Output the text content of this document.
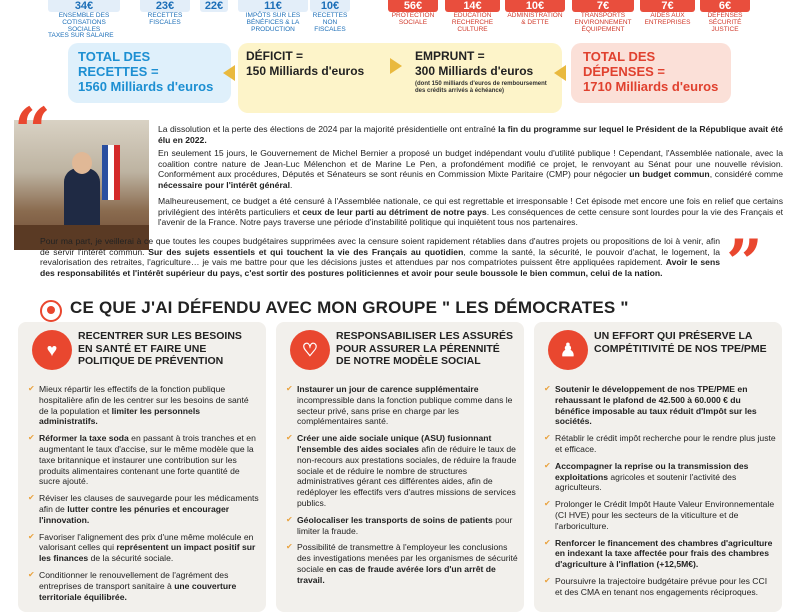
34€
ENSEMBLE DES COTISATIONS SOCIALES
23€
RECETTES FISCALES
22€	11€
IMPÔTS SUR LES BÉNÉFICES & LA PRODUCTION
10€
RECETTES NON FISCALES
TAXES SUR SALAIRE
56€
PROTECTION SOCIALE
14€
EDUCATION RECHERCHE CULTURE
10€
ADMINISTRATION & DETTE
7€
TRANSPORTS ENVIRONNEMENT ÉQUIPEMENT
7€
AIDES AUX ENTREPRISES
6€
DÉFENSES SÉCURITÉ JUSTICE
TOTAL DES
RECETTES =
1560 Milliards d'euros
DÉFICIT =
150 Milliards d'euros
EMPRUNT =
300 Milliards d'euros
(dont 150 milliards d'euros de remboursement des crédits arrivés à échéance)
TOTAL DES
DÉPENSES =
1710 Milliards d'euros
“
”

La dissolution et la perte des élections de 2024 par la majorité présidentielle ont entraîné la fin du programme sur lequel le Président de la République avait été élu en 2022.

En seulement 15 jours, le Gouvernement de Michel Bernier a proposé un budget indépendant voulu d'utilité publique ! Cependant, l'Assemblée nationale, avec la coalition contre nature de Jean-Luc Mélenchon et de Marine Le Pen, a profondément modifié ce projet, le renvoyant au Sénat pour une nouvelle révision. Conformément aux procédures, Députés et Sénateurs se sont réunis en Commission Mixte Paritaire (CMP) pour négocier un budget commun, considéré comme nécessaire pour l'intérêt général.

Malheureusement, ce budget a été censuré à l'Assemblée nationale, ce qui est regrettable et irresponsable ! Cet épisode met encore une fois en relief que certains privilégient des intérêts particuliers et ceux de leur parti au détriment de notre pays. Les conséquences de cette censure sont lourdes pour la vie des Français et l'avenir de la France. Notre pays traverse une période d'instabilité politique qui inquiètent tous nos partenaires.

Pour ma part, je veillerai à ce que toutes les coupes budgétaires supprimées avec la censure soient rapidement rétablies dans d'autres projets ou propositions de loi à venir, afin de servir l'intérêt commun. Sur des sujets essentiels et qui touchent la vie des Français au quotidien, comme la santé, la sécurité, le pouvoir d'achat, le logement, la revalorisation des retraites, l'agriculture… je vais me battre pour que les décisions justes et attendues par nos compatriotes puissent être appliquées rapidement. Avoir le sens des responsabilités et l'intérêt supérieur du pays, c'est sortir des postures politiciennes et avoir pour seule boussole le bien commun, celui de la nation.

CE QUE J'AI DÉFENDU AVEC MON GROUPE " LES DÉMOCRATES "
♥
RECENTRER SUR LES BESOINS EN SANTÉ ET FAIRE UNE POLITIQUE DE PRÉVENTION
✔ Mieux répartir les effectifs de la fonction publique hospitalière afin de les centrer sur les besoins de santé de la population et limiter les personnels administratifs.
✔ Réformer la taxe soda en passant à trois tranches et en augmentant le taux d'accise, sur le même modèle que la taxe britannique et instaurer une contribution sur les produits alimentaires contenant une forte quantité de sucre ajouté.
✔ Réviser les clauses de sauvegarde pour les médicaments afin de lutter contre les pénuries et encourager l'innovation.
✔ Favoriser l'alignement des prix d'une même molécule en valorisant celles qui représentent un impact positif sur les finances de la sécurité sociale.
✔ Conditionner le renouvellement de l'agrément des entreprises de transport sanitaire à une couverture territoriale équilibrée.
♡
RESPONSABILISER LES ASSURÉS POUR ASSURER LA PÉRENNITÉ DE NOTRE MODÈLE SOCIAL
✔ Instaurer un jour de carence supplémentaire incompressible dans la fonction publique comme dans le secteur privé, sans prise en charge par les complémentaires santé.
✔ Créer une aide sociale unique (ASU) fusionnant l'ensemble des aides sociales afin de réduire le taux de non-recours aux prestations sociales, de réduire la fraude sociale et de réduire le nombre de structures administratives gérant ces différentes aides, afin de redéployer les effectifs vers d'autres missions de services publics.
✔ Géolocaliser les transports de soins de patients pour limiter la fraude.
✔ Possibilité de transmettre à l'employeur les conclusions des investigations menées par les organismes de sécurité sociale en cas de fraude avérée lors d'un arrêt de travail.
♟
UN EFFORT QUI PRÉSERVE LA COMPÉTITIVITÉ DE NOS TPE/PME
✔ Soutenir le développement de nos TPE/PME en rehaussant le plafond de 42.500 à 60.000 € du bénéfice imposable au taux réduit d'Impôt sur les sociétés.
✔ Rétablir le crédit impôt recherche pour le rendre plus juste et efficace.
✔ Accompagner la reprise ou la transmission des exploitations agricoles et soutenir l'activité des agriculteurs.
✔ Prolonger le Crédit Impôt Haute Valeur Environnementale (CI HVE) pour les secteurs de la viticulture et de l'arboriculture.
✔ Renforcer le financement des chambres d'agriculture en indexant la taxe affectée pour frais des chambres d'agriculture à l'inflation (+12,5M€).
✔ Poursuivre la trajectoire budgétaire prévue pour les CCI et des CMA en tenant nos engagements réciproques.
